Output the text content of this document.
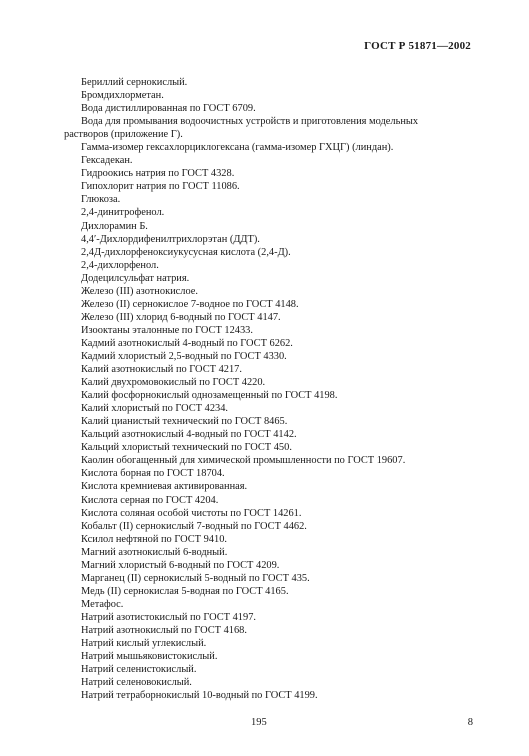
ГОСТ Р 51871—2002
Бериллий сернокислый.
Бромдихлорметан.
Вода дистиллированная по ГОСТ 6709.
Вода для промывания водоочистных устройств и приготовления модельных
растворов (приложение Г).
Гамма-изомер гексахлорциклогексана (гамма-изомер ГХЦГ) (линдан).
Гексадекан.
Гидроокись натрия по ГОСТ 4328.
Гипохлорит натрия по ГОСТ 11086.
Глюкоза.
2,4-динитрофенол.
Дихлорамин Б.
4,4′-Дихлордифенилтрихлорэтан (ДДТ).
2,4Д-дихлорфеноксиукусусная кислота (2,4-Д).
2,4-дихлорфенол.
Додецилсульфат натрия.
Железо (III) азотнокислое.
Железо (II) сернокислое 7-водное по ГОСТ 4148.
Железо (III) хлорид 6-водный по ГОСТ 4147.
Изооктаны эталонные по ГОСТ 12433.
Кадмий азотнокислый 4-водный по ГОСТ 6262.
Кадмий хлористый 2,5-водный по ГОСТ 4330.
Калий азотнокислый по ГОСТ 4217.
Калий двухромовокислый по ГОСТ 4220.
Калий фосфорнокислый однозамещенный по ГОСТ 4198.
Калий хлористый по ГОСТ 4234.
Калий цианистый технический по ГОСТ 8465.
Кальций азотнокислый 4-водный по ГОСТ 4142.
Кальций хлористый технический по ГОСТ 450.
Каолин обогащенный для химической промышленности по ГОСТ 19607.
Кислота борная по ГОСТ 18704.
Кислота кремниевая активированная.
Кислота серная по ГОСТ 4204.
Кислота соляная особой чистоты по ГОСТ 14261.
Кобальт (II) сернокислый 7-водный по ГОСТ 4462.
Ксилол нефтяной по ГОСТ 9410.
Магний азотнокислый 6-водный.
Магний хлористый 6-водный по ГОСТ 4209.
Марганец (II) сернокислый 5-водный по ГОСТ 435.
Медь (II) сернокислая 5-водная по ГОСТ 4165.
Метафос.
Натрий азотистокислый по ГОСТ 4197.
Натрий азотнокислый по ГОСТ 4168.
Натрий кислый углекислый.
Натрий мышьяковистокислый.
Натрий селенистокислый.
Натрий селеновокислый.
Натрий тетраборнокислый 10-водный по ГОСТ 4199.
195	8
